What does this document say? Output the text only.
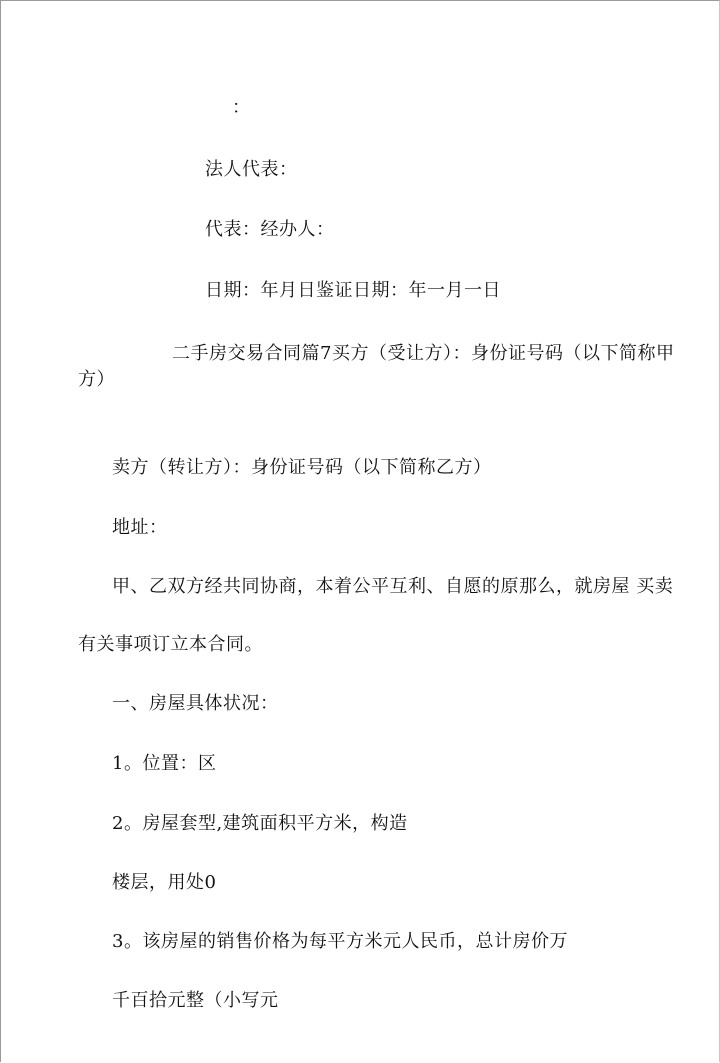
：
法人代表：
代表：经办人：
日期：年月日鉴证日期：年一月一日
二手房交易合同篇7买方（受让方）：身份证号码（以下简称甲
方）
卖方（转让方）：身份证号码（以下简称乙方）
地址：
甲、乙双方经共同协商，本着公平互利、自愿的原那么，就房屋 买卖
有关事项订立本合同。
一、房屋具体状况：
1。位置：区
2。房屋套型,建筑面积平方米，构造
楼层，用处0
3。该房屋的销售价格为每平方米元人民币，总计房价万
千百拾元整（小写元
